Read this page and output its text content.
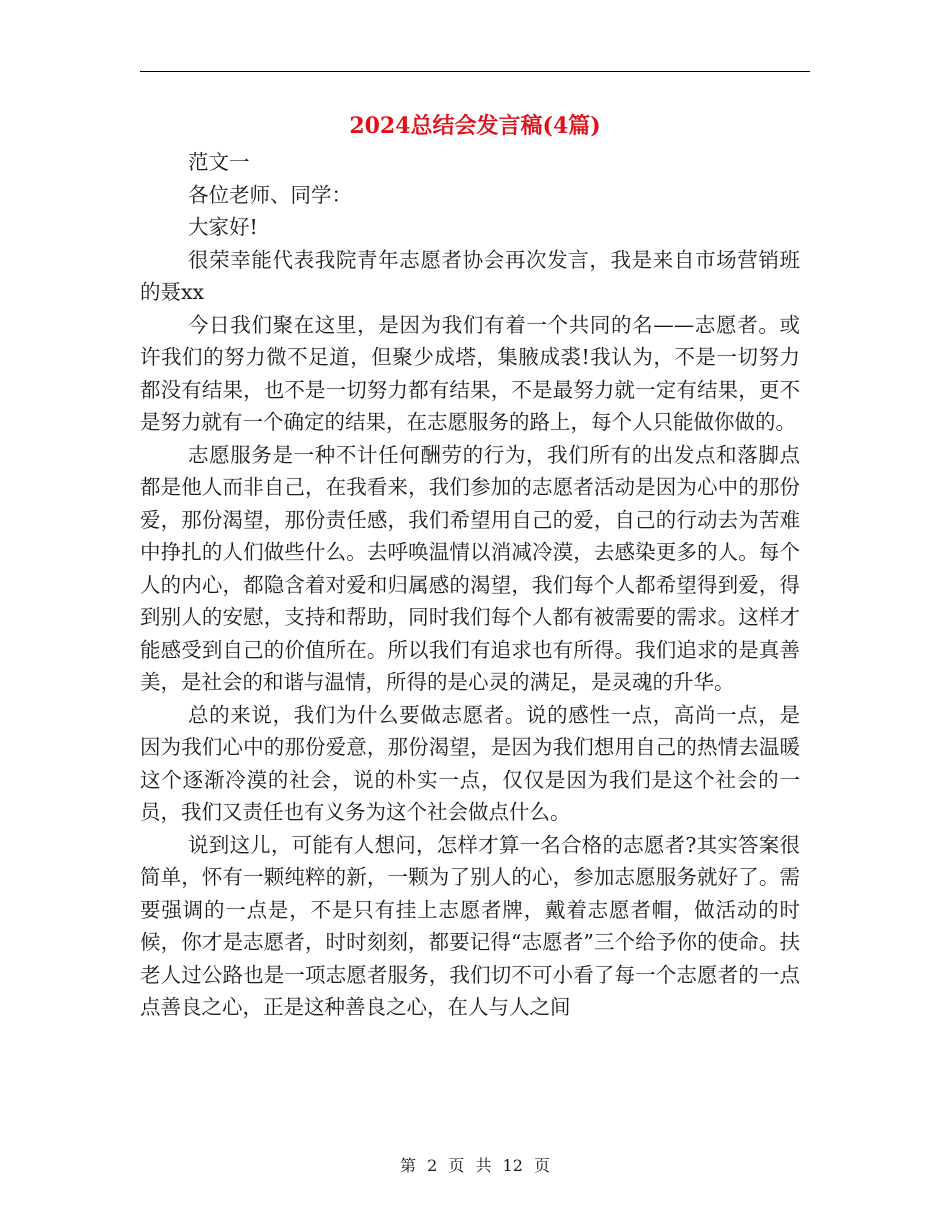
2024总结会发言稿(4篇)

范文一

各位老师、同学：

大家好!

很荣幸能代表我院青年志愿者协会再次发言，我是来自市场营销班的聂xx

今日我们聚在这里，是因为我们有着一个共同的名——志愿者。或许我们的努力微不足道，但聚少成塔，集腋成裘!我认为，不是一切努力都没有结果，也不是一切努力都有结果，不是最努力就一定有结果，更不是努力就有一个确定的结果，在志愿服务的路上，每个人只能做你做的。

志愿服务是一种不计任何酬劳的行为，我们所有的出发点和落脚点都是他人而非自己，在我看来，我们参加的志愿者活动是因为心中的那份爱，那份渴望，那份责任感，我们希望用自己的爱，自己的行动去为苦难中挣扎的人们做些什么。去呼唤温情以消减冷漠，去感染更多的人。每个人的内心，都隐含着对爱和归属感的渴望，我们每个人都希望得到爱，得到别人的安慰，支持和帮助，同时我们每个人都有被需要的需求。这样才能感受到自己的价值所在。所以我们有追求也有所得。我们追求的是真善美，是社会的和谐与温情，所得的是心灵的满足，是灵魂的升华。

总的来说，我们为什么要做志愿者。说的感性一点，高尚一点，是因为我们心中的那份爱意，那份渴望，是因为我们想用自己的热情去温暖这个逐渐冷漠的社会，说的朴实一点，仅仅是因为我们是这个社会的一员，我们又责任也有义务为这个社会做点什么。

说到这儿，可能有人想问，怎样才算一名合格的志愿者?其实答案很简单，怀有一颗纯粹的新，一颗为了别人的心，参加志愿服务就好了。需要强调的一点是，不是只有挂上志愿者牌，戴着志愿者帽，做活动的时候，你才是志愿者，时时刻刻，都要记得“志愿者”三个给予你的使命。扶老人过公路也是一项志愿者服务，我们切不可小看了每一个志愿者的一点点善良之心，正是这种善良之心，在人与人之间

第 2 页 共 12 页
